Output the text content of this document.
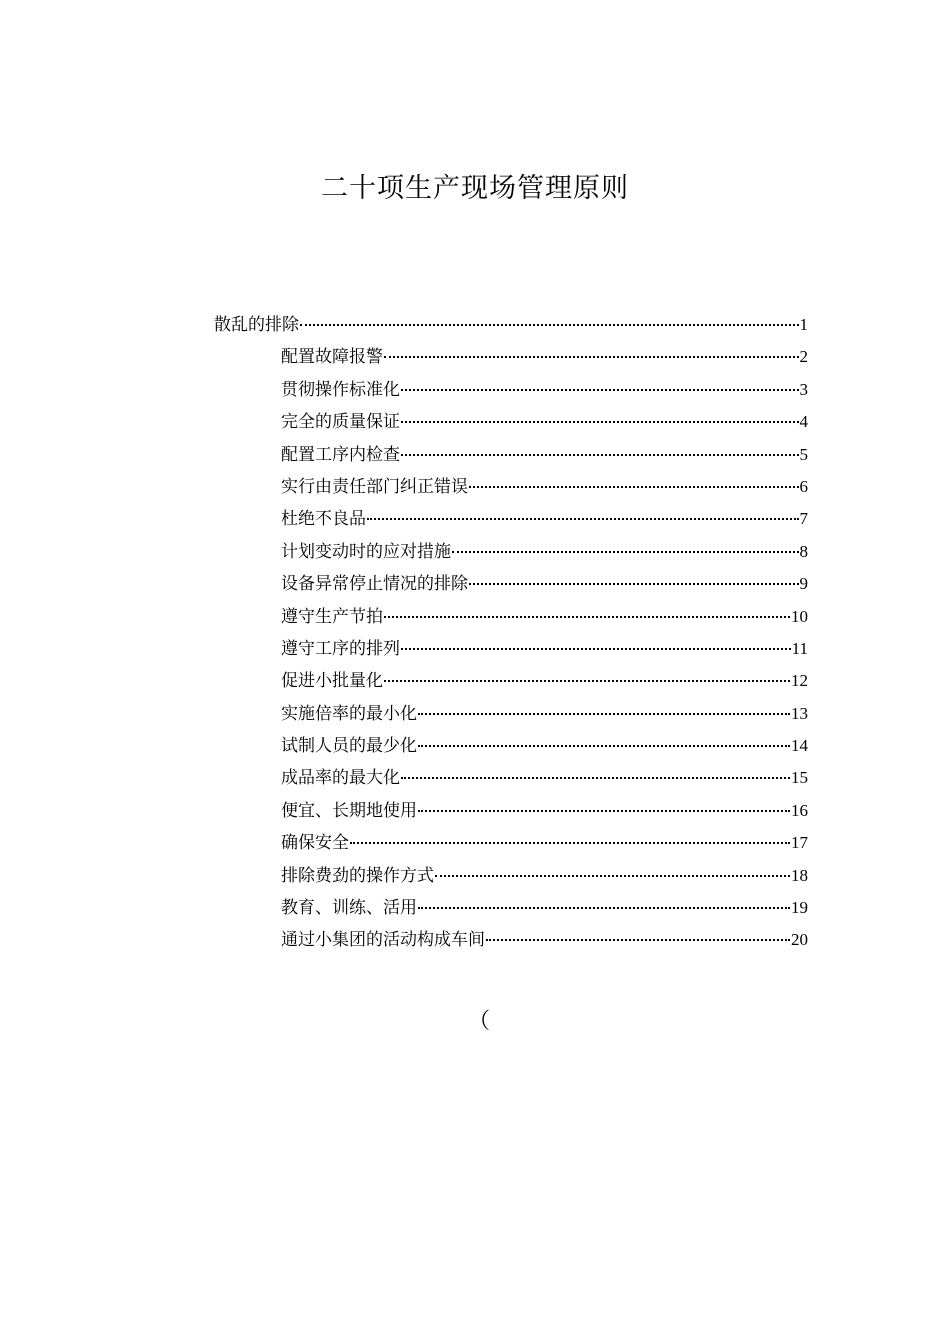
二十项生产现场管理原则
散乱的排除	1
配置故障报警	2
贯彻操作标准化	3
完全的质量保证	4
配置工序内检查	5
实行由责任部门纠正错误	6
杜绝不良品	7
计划变动时的应对措施	8
设备异常停止情况的排除	9
遵守生产节拍	10
遵守工序的排列	11
促进小批量化	12
实施倍率的最小化	13
试制人员的最少化	14
成品率的最大化	15
便宜、长期地使用	16
确保安全	17
排除费劲的操作方式	18
教育、训练、活用	19
通过小集团的活动构成车间	20
（
